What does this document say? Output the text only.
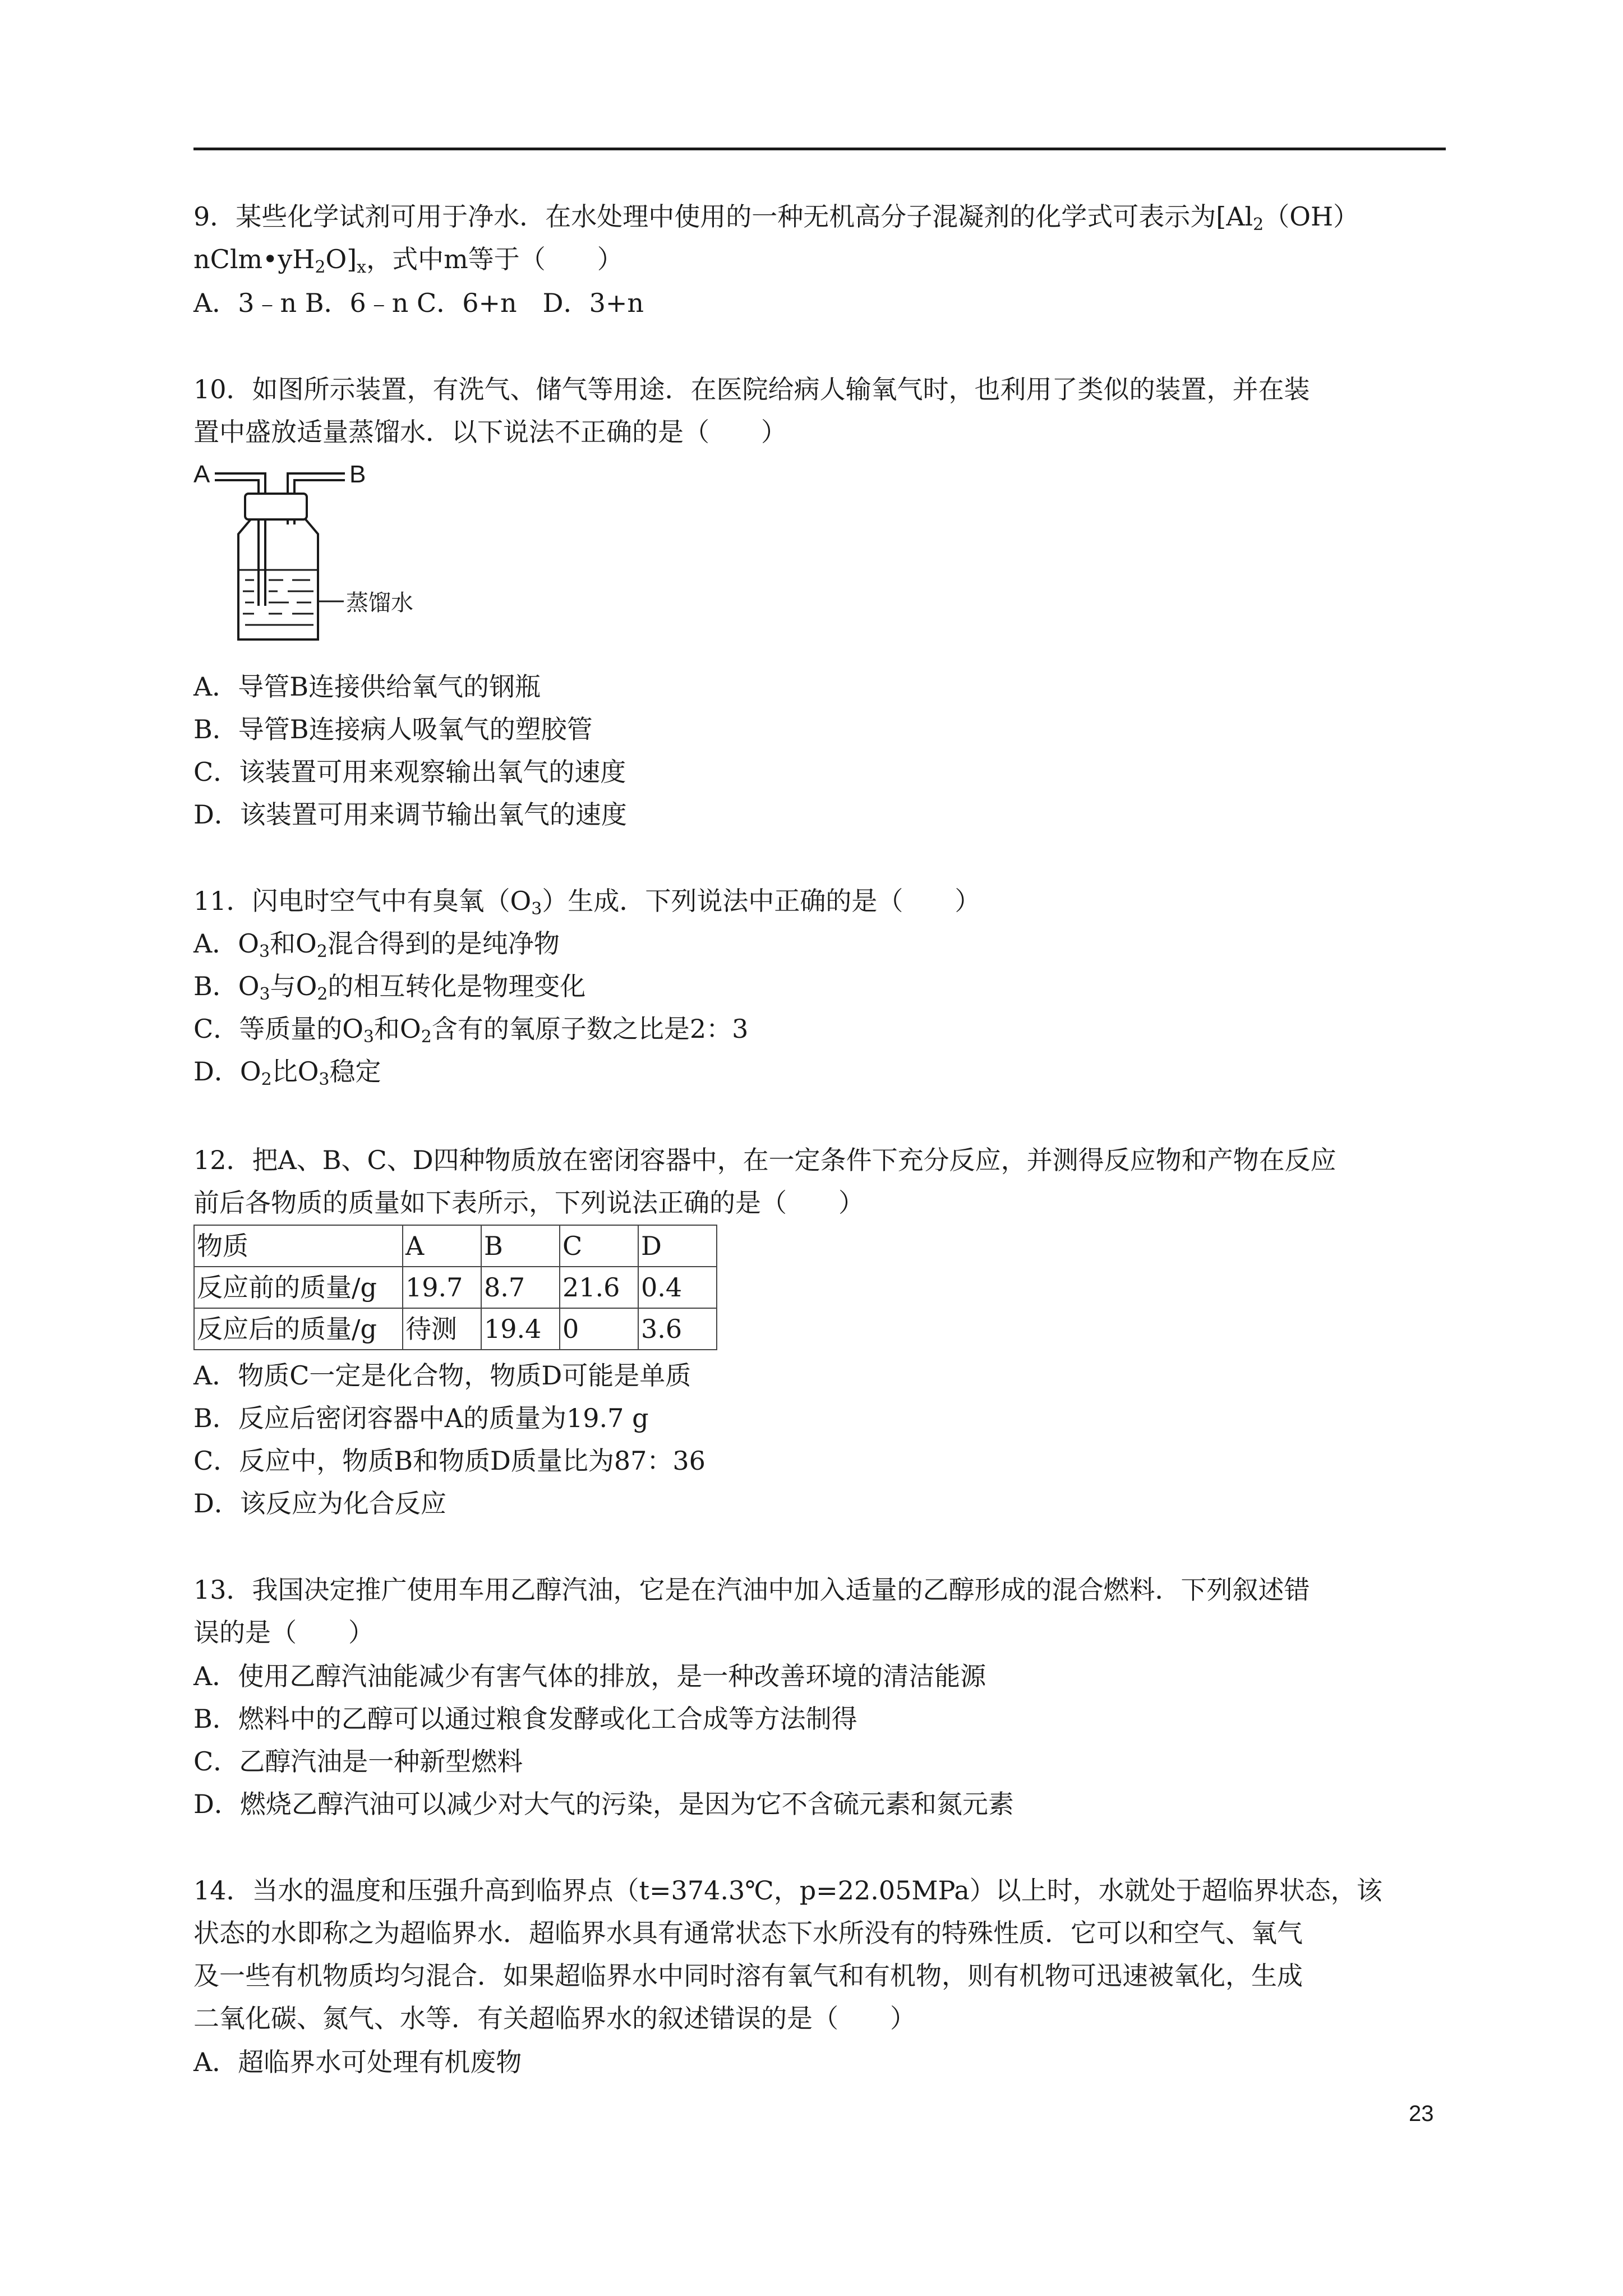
9．某些化学试剂可用于净水．在水处理中使用的一种无机高分子混凝剂的化学式可表示为[$Al_2(OH)$
$nClm•yH_2O]_x$，式中m等于（　　）
A．3﹣n B．6﹣n C．6+n　D．3+n
10．如图所示装置，有洗气、储气等用途．在医院给病人输氧气时，也利用了类似的装置，并在装
置中盛放适量蒸馏水．以下说法不正确的是（　　）
A	B
蒸馏水
A．导管B连接供给氧气的钢瓶
B．导管B连接病人吸氧气的塑胶管
C．该装置可用来观察输出氧气的速度
D．该装置可用来调节输出氧气的速度
11．闪电时空气中有臭氧$(O_3)$生成．下列说法中正确的是（　　）
A．$O_3$和$O_2$混合得到的是纯净物
B．$O_3$与$O_2$的相互转化是物理变化
C．等质量的$O_3$和$O_2$含有的氧原子数之比是2：3
D．$O_2$比$O_3$稳定
12．把A、B、C、D四种物质放在密闭容器中，在一定条件下充分反应，并测得反应物和产物在反应
前后各物质的质量如下表所示，下列说法正确的是（　　）
物质	A	B	C	D
反应前的质量/g	19.7	8.7	21.6	0.4
反应后的质量/g	待测	19.4	0	3.6
A．物质C一定是化合物，物质D可能是单质
B．反应后密闭容器中A的质量为19.7 g
C．反应中，物质B和物质D质量比为87：36
D．该反应为化合反应
13．我国决定推广使用车用乙醇汽油，它是在汽油中加入适量的乙醇形成的混合燃料．下列叙述错
误的是（　　）
A．使用乙醇汽油能减少有害气体的排放，是一种改善环境的清洁能源
B．燃料中的乙醇可以通过粮食发酵或化工合成等方法制得
C．乙醇汽油是一种新型燃料
D．燃烧乙醇汽油可以减少对大气的污染，是因为它不含硫元素和氮元素
14．当水的温度和压强升高到临界点（t=374.3℃，p=22.05MPa）以上时，水就处于超临界状态，该
状态的水即称之为超临界水．超临界水具有通常状态下水所没有的特殊性质．它可以和空气、氧气
及一些有机物质均匀混合．如果超临界水中同时溶有氧气和有机物，则有机物可迅速被氧化，生成
二氧化碳、氮气、水等．有关超临界水的叙述错误的是（　　）
A．超临界水可处理有机废物
23
